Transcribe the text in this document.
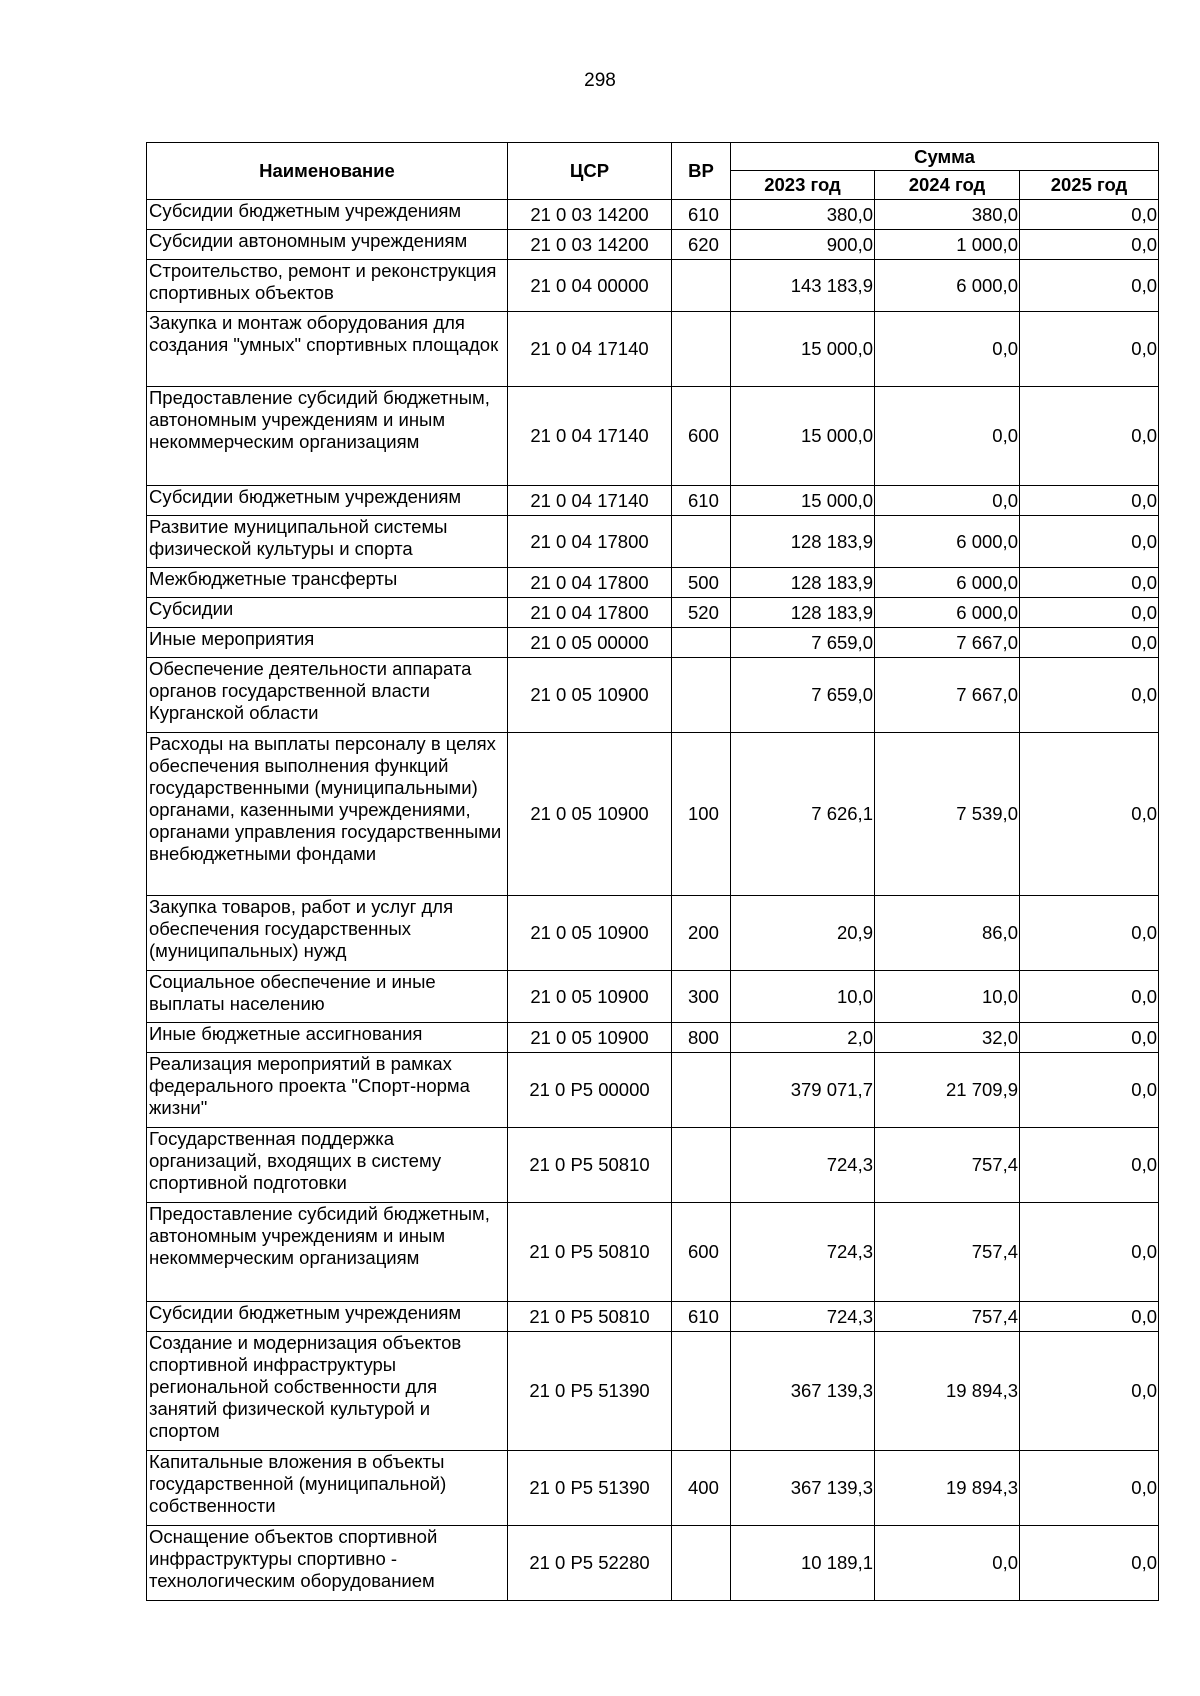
298
Наименование	ЦСР	ВР	Сумма		
			2023 год	2024 год	2025 год
Субсидии бюджетным учреждениям	21 0 03 14200	610	380,0	380,0	0,0
Субсидии автономным учреждениям	21 0 03 14200	620	900,0	1 000,0	0,0
Строительство, ремонт и реконструкция спортивных объектов	21 0 04 00000		143 183,9	6 000,0	0,0
Закупка и монтаж оборудования для создания "умных" спортивных площадок	21 0 04 17140		15 000,0	0,0	0,0
Предоставление субсидий бюджетным, автономным учреждениям и иным некоммерческим организациям	21 0 04 17140	600	15 000,0	0,0	0,0
Субсидии бюджетным учреждениям	21 0 04 17140	610	15 000,0	0,0	0,0
Развитие муниципальной системы физической культуры и спорта	21 0 04 17800		128 183,9	6 000,0	0,0
Межбюджетные трансферты	21 0 04 17800	500	128 183,9	6 000,0	0,0
Субсидии	21 0 04 17800	520	128 183,9	6 000,0	0,0
Иные мероприятия	21 0 05 00000		7 659,0	7 667,0	0,0
Обеспечение деятельности аппарата органов государственной власти Курганской области	21 0 05 10900		7 659,0	7 667,0	0,0
Расходы на выплаты персоналу в целях обеспечения выполнения функций государственными (муниципальными) органами, казенными учреждениями, органами управления государственными внебюджетными фондами	21 0 05 10900	100	7 626,1	7 539,0	0,0
Закупка товаров, работ и услуг для обеспечения государственных (муниципальных) нужд	21 0 05 10900	200	20,9	86,0	0,0
Социальное обеспечение и иные выплаты населению	21 0 05 10900	300	10,0	10,0	0,0
Иные бюджетные ассигнования	21 0 05 10900	800	2,0	32,0	0,0
Реализация мероприятий в рамках федерального проекта "Спорт-норма жизни"	21 0 P5 00000		379 071,7	21 709,9	0,0
Государственная поддержка организаций, входящих в систему спортивной подготовки	21 0 P5 50810		724,3	757,4	0,0
Предоставление субсидий бюджетным, автономным учреждениям и иным некоммерческим организациям	21 0 P5 50810	600	724,3	757,4	0,0
Субсидии бюджетным учреждениям	21 0 P5 50810	610	724,3	757,4	0,0
Создание и модернизация объектов спортивной инфраструктуры региональной собственности для занятий физической культурой и спортом	21 0 P5 51390		367 139,3	19 894,3	0,0
Капитальные вложения в объекты государственной (муниципальной) собственности	21 0 P5 51390	400	367 139,3	19 894,3	0,0
Оснащение объектов спортивной инфраструктуры спортивно - технологическим оборудованием	21 0 P5 52280		10 189,1	0,0	0,0
